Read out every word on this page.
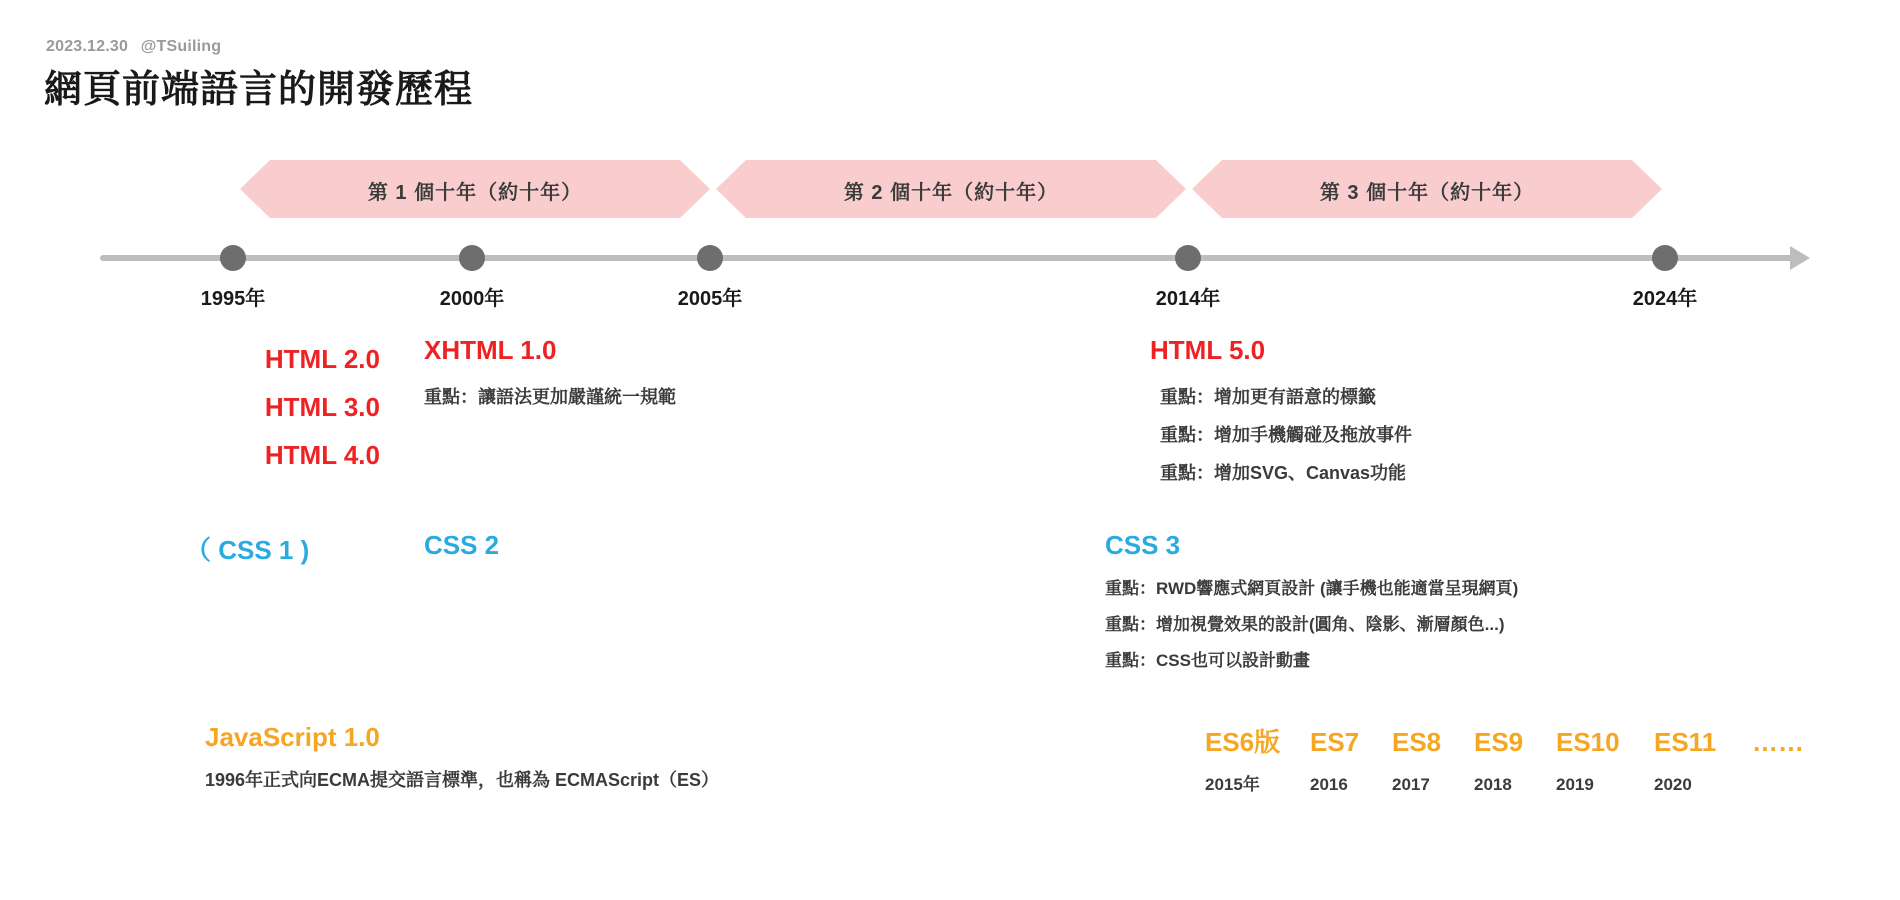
2023.12.30 @TSuiling
網頁前端語言的開發歷程
第 1 個十年（約十年）	第 2 個十年（約十年）	第 3 個十年（約十年）
1995年	2000年	2005年	2014年	2024年
HTML 2.0
HTML 3.0
HTML 4.0
XHTML 1.0
重點：讓語法更加嚴謹統一規範
HTML 5.0
重點：增加更有語意的標籤
重點：增加手機觸碰及拖放事件
重點：增加SVG、Canvas功能
（ CSS 1 )	CSS 2	CSS 3
重點：RWD響應式網頁設計 (讓手機也能適當呈現網頁)
重點：增加視覺效果的設計(圓角、陰影、漸層顏色...)
重點：CSS也可以設計動畫
JavaScript 1.0
1996年正式向ECMA提交語言標準，也稱為 ECMAScript（ES）
ES6版	ES7	ES8	ES9	ES10	ES11	……
2015年	2016	2017	2018	2019	2020
